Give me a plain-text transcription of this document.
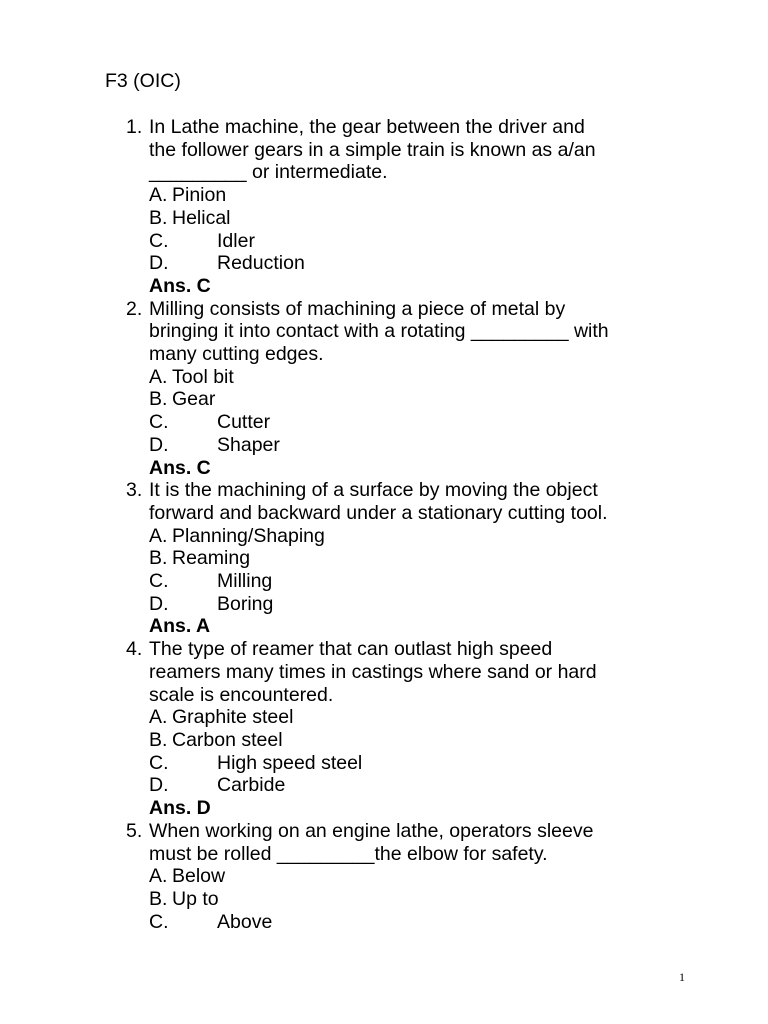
F3 (OIC)
1. In Lathe machine, the gear between the driver and
the follower gears in a simple train is known as a/an
_________ or intermediate.
A. Pinion
B. Helical
C.	Idler
D.	Reduction
Ans. C
2. Milling consists of machining a piece of metal by
bringing it into contact with a rotating _________ with
many cutting edges.
A. Tool bit
B. Gear
C.	Cutter
D.	Shaper
Ans. C
3. It is the machining of a surface by moving the object
forward and backward under a stationary cutting tool.
A. Planning/Shaping
B. Reaming
C.	Milling
D.	Boring
Ans. A
4. The type of reamer that can outlast high speed
reamers many times in castings where sand or hard
scale is encountered.
A. Graphite steel
B. Carbon steel
C.	High speed steel
D.	Carbide
Ans. D
5. When working on an engine lathe, operators sleeve
must be rolled _________the elbow for safety.
A. Below
B. Up to
C.	Above
1
